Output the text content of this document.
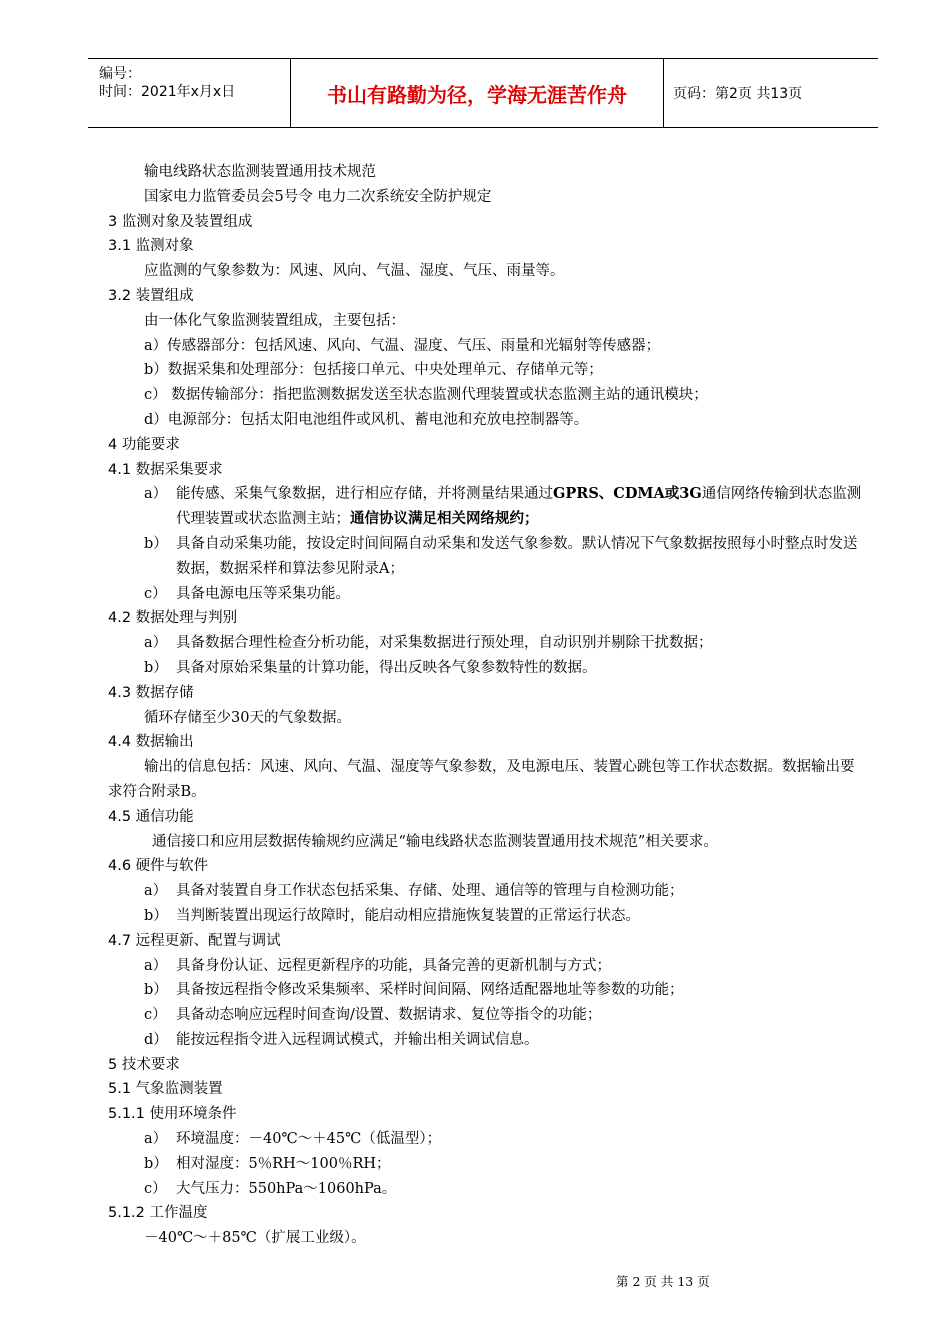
编号：
时间：2021年x月x日	书山有路勤为径，学海无涯苦作舟	页码：第2页 共13页
输电线路状态监测装置通用技术规范
国家电力监管委员会5号令 电力二次系统安全防护规定
3 监测对象及装置组成
3.1 监测对象
应监测的气象参数为：风速、风向、气温、湿度、气压、雨量等。
3.2 装置组成
由一体化气象监测装置组成，主要包括：
a）传感器部分：包括风速、风向、气温、湿度、气压、雨量和光辐射等传感器；
b）数据采集和处理部分：包括接口单元、中央处理单元、存储单元等；
c） 数据传输部分：指把监测数据发送至状态监测代理装置或状态监测主站的通讯模块；
d）电源部分：包括太阳电池组件或风机、蓄电池和充放电控制器等。
4 功能要求
4.1 数据采集要求
a） 能传感、采集气象数据，进行相应存储，并将测量结果通过GPRS、CDMA或3G通信网络传输到状态监测代理装置或状态监测主站；通信协议满足相关网络规约；
b） 具备自动采集功能，按设定时间间隔自动采集和发送气象参数。默认情况下气象数据按照每小时整点时发送数据，数据采样和算法参见附录A；
c） 具备电源电压等采集功能。
4.2 数据处理与判别
a） 具备数据合理性检查分析功能，对采集数据进行预处理，自动识别并剔除干扰数据；
b） 具备对原始采集量的计算功能，得出反映各气象参数特性的数据。
4.3 数据存储
循环存储至少30天的气象数据。
4.4 数据输出
输出的信息包括：风速、风向、气温、湿度等气象参数，及电源电压、装置心跳包等工作状态数据。数据输出要求符合附录B。
4.5 通信功能
通信接口和应用层数据传输规约应满足“输电线路状态监测装置通用技术规范”相关要求。
4.6 硬件与软件
a） 具备对装置自身工作状态包括采集、存储、处理、通信等的管理与自检测功能；
b） 当判断装置出现运行故障时，能启动相应措施恢复装置的正常运行状态。
4.7 远程更新、配置与调试
a） 具备身份认证、远程更新程序的功能，具备完善的更新机制与方式；
b） 具备按远程指令修改采集频率、采样时间间隔、网络适配器地址等参数的功能；
c） 具备动态响应远程时间查询/设置、数据请求、复位等指令的功能；
d） 能按远程指令进入远程调试模式，并输出相关调试信息。
5 技术要求
5.1 气象监测装置
5.1.1 使用环境条件
a） 环境温度：－40℃～＋45℃（低温型）；
b） 相对湿度：5％RH～100％RH；
c） 大气压力：550hPa～1060hPa。
5.1.2 工作温度
－40℃～＋85℃（扩展工业级）。
第 2 页 共 13 页
